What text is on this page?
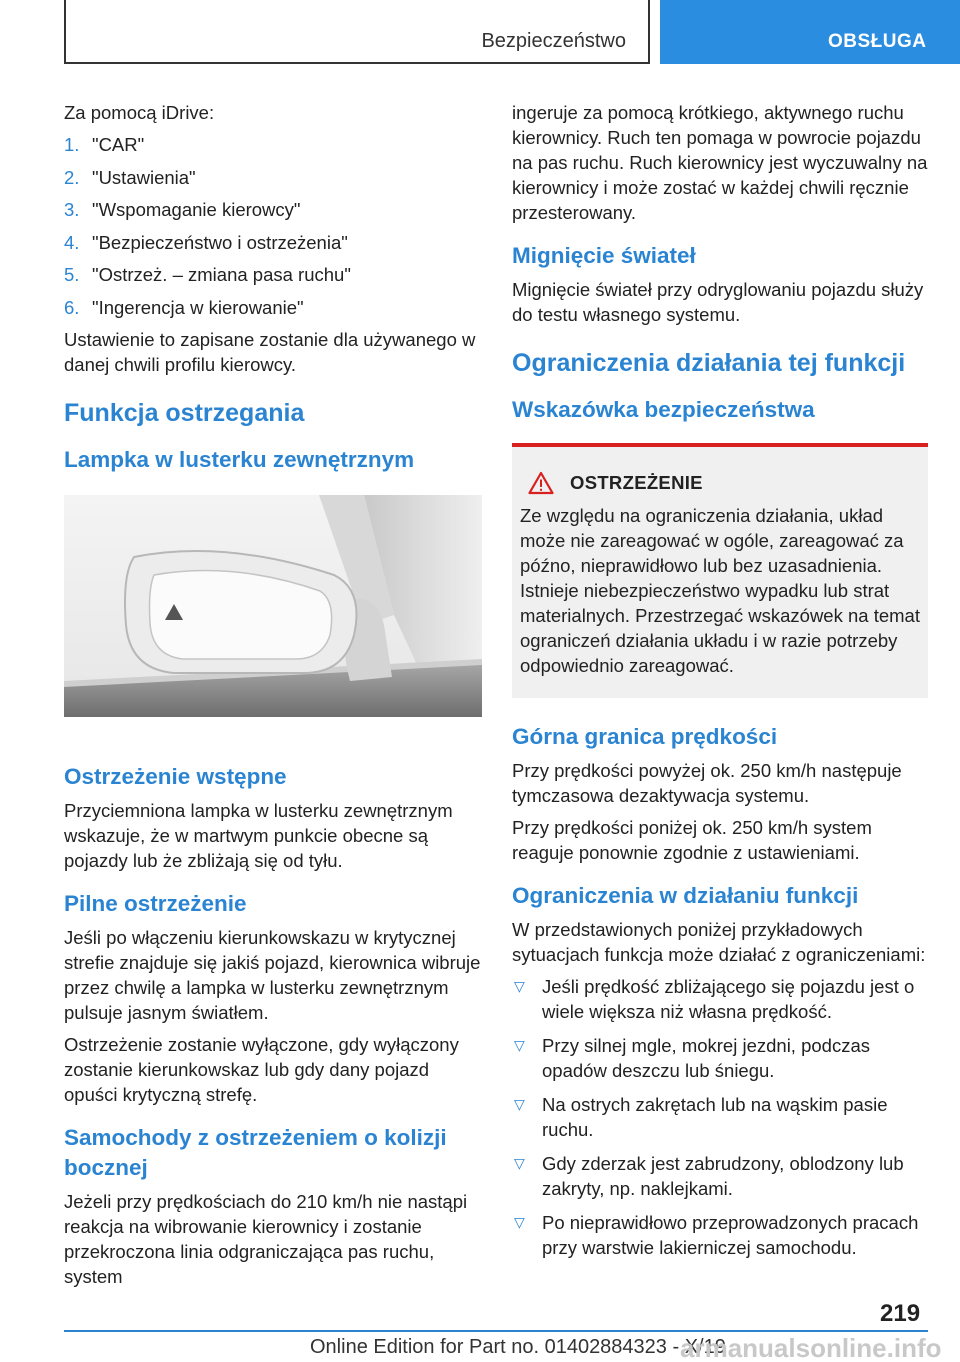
Bezpieczeństwo	OBSŁUGA

Za pomocą iDrive:

1. "CAR"
2. "Ustawienia"
3. "Wspomaganie kierowcy"
4. "Bezpieczeństwo i ostrzeżenia"
5. "Ostrzeż. – zmiana pasa ruchu"
6. "Ingerencja w kierowanie"

Ustawienie to zapisane zostanie dla używanego w danej chwili profilu kierowcy.

Funkcja ostrzegania
Lampka w lusterku zewnętrznym
Ostrzeżenie wstępne

Przyciemniona lampka w lusterku zewnętrznym wskazuje, że w martwym punkcie obecne są pojazdy lub że zbliżają się od tyłu.

Pilne ostrzeżenie

Jeśli po włączeniu kierunkowskazu w krytycznej strefie znajduje się jakiś pojazd, kierownica wibruje przez chwilę a lampka w lusterku zewnętrznym pulsuje jasnym światłem.

Ostrzeżenie zostanie wyłączone, gdy wyłączony zostanie kierunkowskaz lub gdy dany pojazd opuści krytyczną strefę.

Samochody z ostrzeżeniem o kolizji bocznej

Jeżeli przy prędkościach do 210 km/h nie nastąpi reakcja na wibrowanie kierownicy i zostanie przekroczona linia odgraniczająca pas ruchu, system

ingeruje za pomocą krótkiego, aktywnego ruchu kierownicy. Ruch ten pomaga w powrocie pojazdu na pas ruchu. Ruch kierownicy jest wyczuwalny na kierownicy i może zostać w każdej chwili ręcznie przesterowany.

Mignięcie świateł

Mignięcie świateł przy odryglowaniu pojazdu służy do testu własnego systemu.

Ograniczenia działania tej funkcji
Wskazówka bezpieczeństwa
OSTRZEŻENIE

Ze względu na ograniczenia działania, układ może nie zareagować w ogóle, zareagować za późno, nieprawidłowo lub bez uzasadnienia. Istnieje niebezpieczeństwo wypadku lub strat materialnych. Przestrzegać wskazówek na temat ograniczeń działania układu i w razie potrzeby odpowiednio zareagować.

Górna granica prędkości

Przy prędkości powyżej ok. 250 km/h następuje tymczasowa dezaktywacja systemu.

Przy prędkości poniżej ok. 250 km/h system reaguje ponownie zgodnie z ustawieniami.

Ograniczenia w działaniu funkcji

W przedstawionych poniżej przykładowych sytuacjach funkcja może działać z ograniczeniami:

▽ Jeśli prędkość zbliżającego się pojazdu jest o wiele większa niż własna prędkość.
▽ Przy silnej mgle, mokrej jezdni, podczas opadów deszczu lub śniegu.
▽ Na ostrych zakrętach lub na wąskim pasie ruchu.
▽ Gdy zderzak jest zabrudzony, oblodzony lub zakryty, np. naklejkami.
▽ Po nieprawidłowo przeprowadzonych pracach przy warstwie lakierniczej samochodu.
219
Online Edition for Part no. 01402884323 - X/19
armanualsonline.info
